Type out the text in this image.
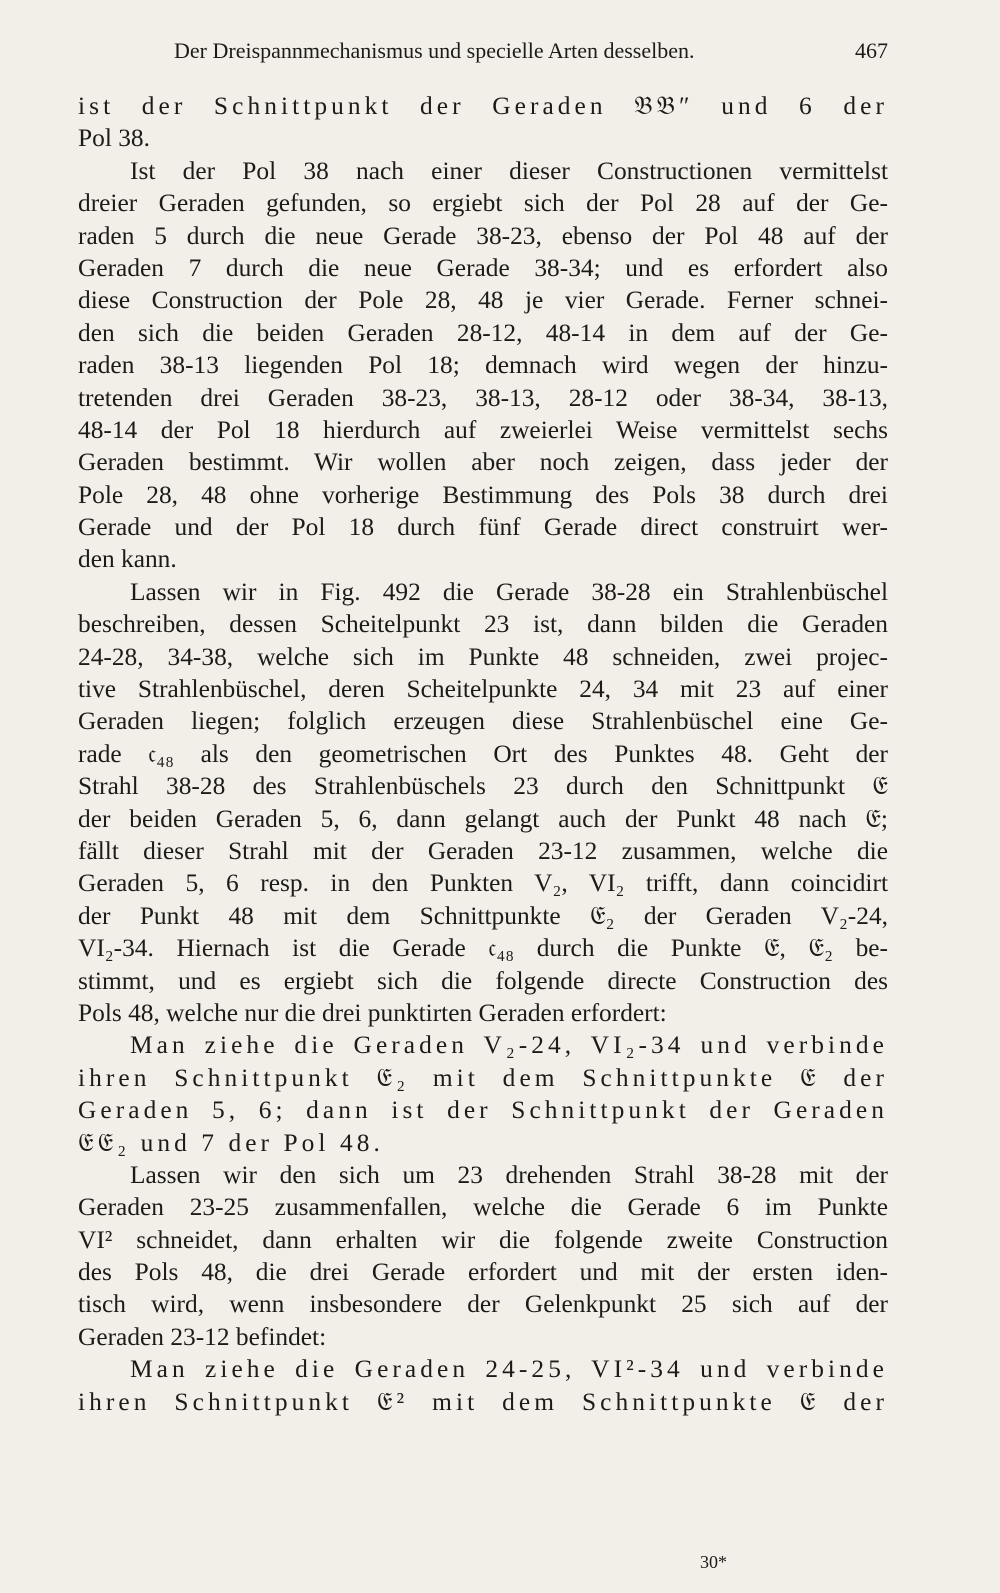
Der Dreispannmechanismus und specielle Arten desselben.	467
ist der Schnittpunkt der Geraden 𝔅𝔅″ und 6 der
Pol 38.
Ist der Pol 38 nach einer dieser Constructionen vermittelst
dreier Geraden gefunden, so ergiebt sich der Pol 28 auf der Ge-
raden 5 durch die neue Gerade 38-23, ebenso der Pol 48 auf der
Geraden 7 durch die neue Gerade 38-34; und es erfordert also
diese Construction der Pole 28, 48 je vier Gerade. Ferner schnei-
den sich die beiden Geraden 28-12, 48-14 in dem auf der Ge-
raden 38-13 liegenden Pol 18; demnach wird wegen der hinzu-
tretenden drei Geraden 38-23, 38-13, 28-12 oder 38-34, 38-13,
48-14 der Pol 18 hierdurch auf zweierlei Weise vermittelst sechs
Geraden bestimmt. Wir wollen aber noch zeigen, dass jeder der
Pole 28, 48 ohne vorherige Bestimmung des Pols 38 durch drei
Gerade und der Pol 18 durch fünf Gerade direct construirt wer-
den kann.
Lassen wir in Fig. 492 die Gerade 38-28 ein Strahlenbüschel
beschreiben, dessen Scheitelpunkt 23 ist, dann bilden die Geraden
24-28, 34-38, welche sich im Punkte 48 schneiden, zwei projec-
tive Strahlenbüschel, deren Scheitelpunkte 24, 34 mit 23 auf einer
Geraden liegen; folglich erzeugen diese Strahlenbüschel eine Ge-
rade 𝔠₄₈ als den geometrischen Ort des Punktes 48. Geht der
Strahl 38-28 des Strahlenbüschels 23 durch den Schnittpunkt 𝔈
der beiden Geraden 5, 6, dann gelangt auch der Punkt 48 nach 𝔈;
fällt dieser Strahl mit der Geraden 23-12 zusammen, welche die
Geraden 5, 6 resp. in den Punkten V₂, VI₂ trifft, dann coincidirt
der Punkt 48 mit dem Schnittpunkte 𝔈₂ der Geraden V₂-24,
VI₂-34. Hiernach ist die Gerade 𝔠₄₈ durch die Punkte 𝔈, 𝔈₂ be-
stimmt, und es ergiebt sich die folgende directe Construction des
Pols 48, welche nur die drei punktirten Geraden erfordert:
Man ziehe die Geraden V₂-24, VI₂-34 und verbinde
ihren Schnittpunkt 𝔈₂ mit dem Schnittpunkte 𝔈 der
Geraden 5, 6; dann ist der Schnittpunkt der Geraden
𝔈𝔈₂ und 7 der Pol 48.
Lassen wir den sich um 23 drehenden Strahl 38-28 mit der
Geraden 23-25 zusammenfallen, welche die Gerade 6 im Punkte
VI² schneidet, dann erhalten wir die folgende zweite Construction
des Pols 48, die drei Gerade erfordert und mit der ersten iden-
tisch wird, wenn insbesondere der Gelenkpunkt 25 sich auf der
Geraden 23-12 befindet:
Man ziehe die Geraden 24-25, VI²-34 und verbinde
ihren Schnittpunkt 𝔈² mit dem Schnittpunkte 𝔈 der
30*
